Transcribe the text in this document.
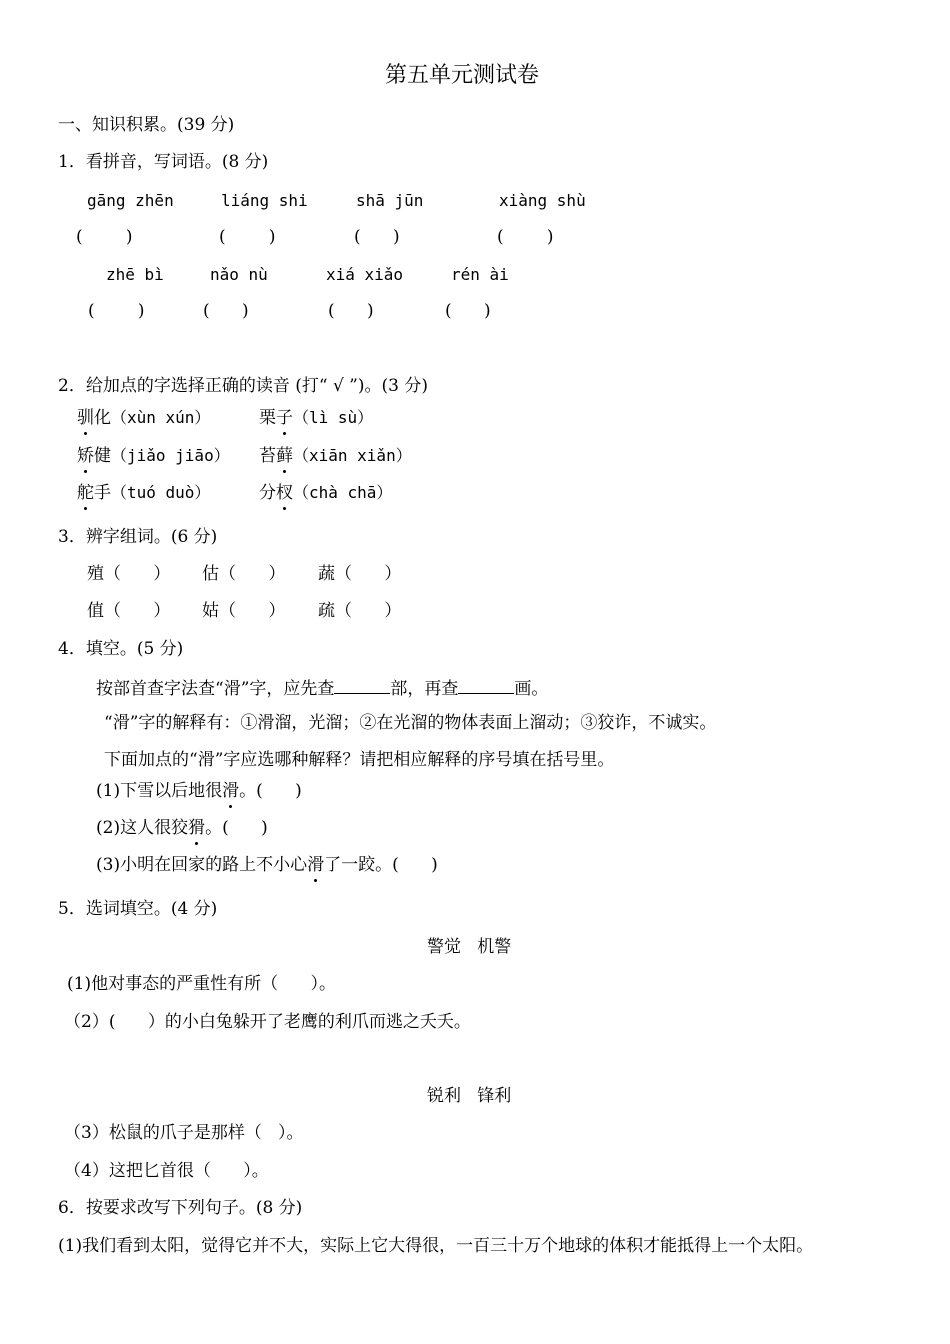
第五单元测试卷
一、知识积累。(39 分)
1．看拼音，写词语。(8 分)
gāng zhēn	liáng shi	shā jūn	xiàng shù
(        )	(        )	(      )	(        )
zhē bì	nǎo nù	xiá xiǎo	rén ài
(        )	(      )	(      )	(      )
2．给加点的字选择正确的读音 (打“ √ ”)。(3 分)
驯化（xùn xún）	栗子（lì sù）
矫健（jiǎo jiāo） 苔藓（xiān xiǎn）
舵手（tuó duò）	分杈（chà chā）
3．辨字组词。(6 分)
殖（      ） 估（      ） 蔬（      ）
值（      ） 姑（      ） 疏（      ）
4．填空。(5 分)
按部首查字法查“滑”字，应先查	部，再查	画。
“滑”字的解释有：①滑溜，光溜；②在光溜的物体表面上溜动；③狡诈，不诚实。
下面加点的“滑”字应选哪种解释？请把相应解释的序号填在括号里。
(1)下雪以后地很滑。(      )
(2)这人很狡猾。(      )
(3)小明在回家的路上不小心滑了一跤。(      )
5．选词填空。(4 分)
警觉   机警
(1)他对事态的严重性有所（      ）。
（2）(      ）的小白兔躲开了老鹰的利爪而逃之夭夭。
锐利   锋利
（3）松鼠的爪子是那样（   ）。
（4）这把匕首很（      ）。
6．按要求改写下列句子。(8 分)
(1)我们看到太阳，觉得它并不大，实际上它大得很，一百三十万个地球的体积才能抵得上一个太阳。
